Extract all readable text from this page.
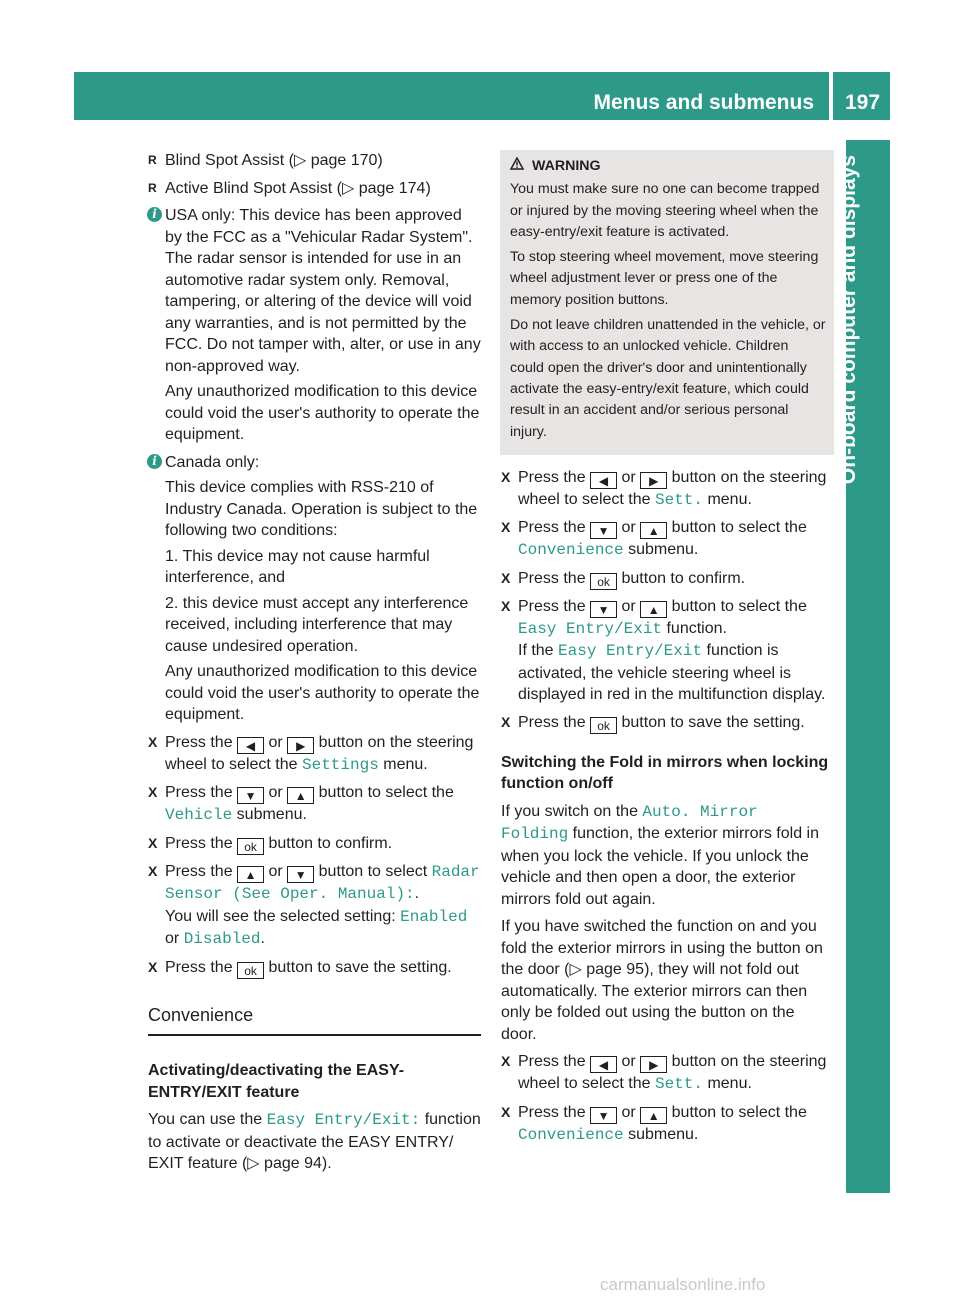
Menus and submenus 197
On-board computer and displays

R Blind Spot Assist (▷ page 170)

R Active Blind Spot Assist (▷ page 174)

i USA only: This device has been approved by the FCC as a "Vehicular Radar System". The radar sensor is intended for use in an automotive radar system only. Removal, tampering, or altering of the device will void any warranties, and is not permitted by the FCC. Do not tamper with, alter, or use in any non-approved way.

Any unauthorized modification to this device could void the user's authority to operate the equipment.

i Canada only:

This device complies with RSS-210 of Industry Canada. Operation is subject to the following two conditions:

1. This device may not cause harmful interference, and

2. this device must accept any interference received, including interference that may cause undesired operation.

Any unauthorized modification to this device could void the user's authority to operate the equipment.

X Press the ◀ or ▶ button on the steering wheel to select the Settings menu.

X Press the ▼ or ▲ button to select the Vehicle submenu.

X Press the ok button to confirm.

X Press the ▲ or ▼ button to select Radar Sensor (See Oper. Manual):.
You will see the selected setting: Enabled or Disabled.

X Press the ok button to save the setting.

Convenience

Activating/deactivating the EASY-ENTRY/EXIT feature

You can use the Easy Entry/Exit: function to activate or deactivate the EASY ENTRY/ EXIT feature (▷ page 94).

WARNING

You must make sure no one can become trapped or injured by the moving steering wheel when the easy-entry/exit feature is activated.

To stop steering wheel movement, move steering wheel adjustment lever or press one of the memory position buttons.

Do not leave children unattended in the vehicle, or with access to an unlocked vehicle. Children could open the driver's door and unintentionally activate the easy-entry/exit feature, which could result in an accident and/or serious personal injury.

X Press the ◀ or ▶ button on the steering wheel to select the Sett. menu.

X Press the ▼ or ▲ button to select the Convenience submenu.

X Press the ok button to confirm.

X Press the ▼ or ▲ button to select the Easy Entry/Exit function.
If the Easy Entry/Exit function is activated, the vehicle steering wheel is displayed in red in the multifunction display.

X Press the ok button to save the setting.

Switching the Fold in mirrors when locking function on/off

If you switch on the Auto. Mirror Folding function, the exterior mirrors fold in when you lock the vehicle. If you unlock the vehicle and then open a door, the exterior mirrors fold out again.

If you have switched the function on and you fold the exterior mirrors in using the button on the door (▷ page 95), they will not fold out automatically. The exterior mirrors can then only be folded out using the button on the door.

X Press the ◀ or ▶ button on the steering wheel to select the Sett. menu.

X Press the ▼ or ▲ button to select the Convenience submenu.

carmanualsonline.info
